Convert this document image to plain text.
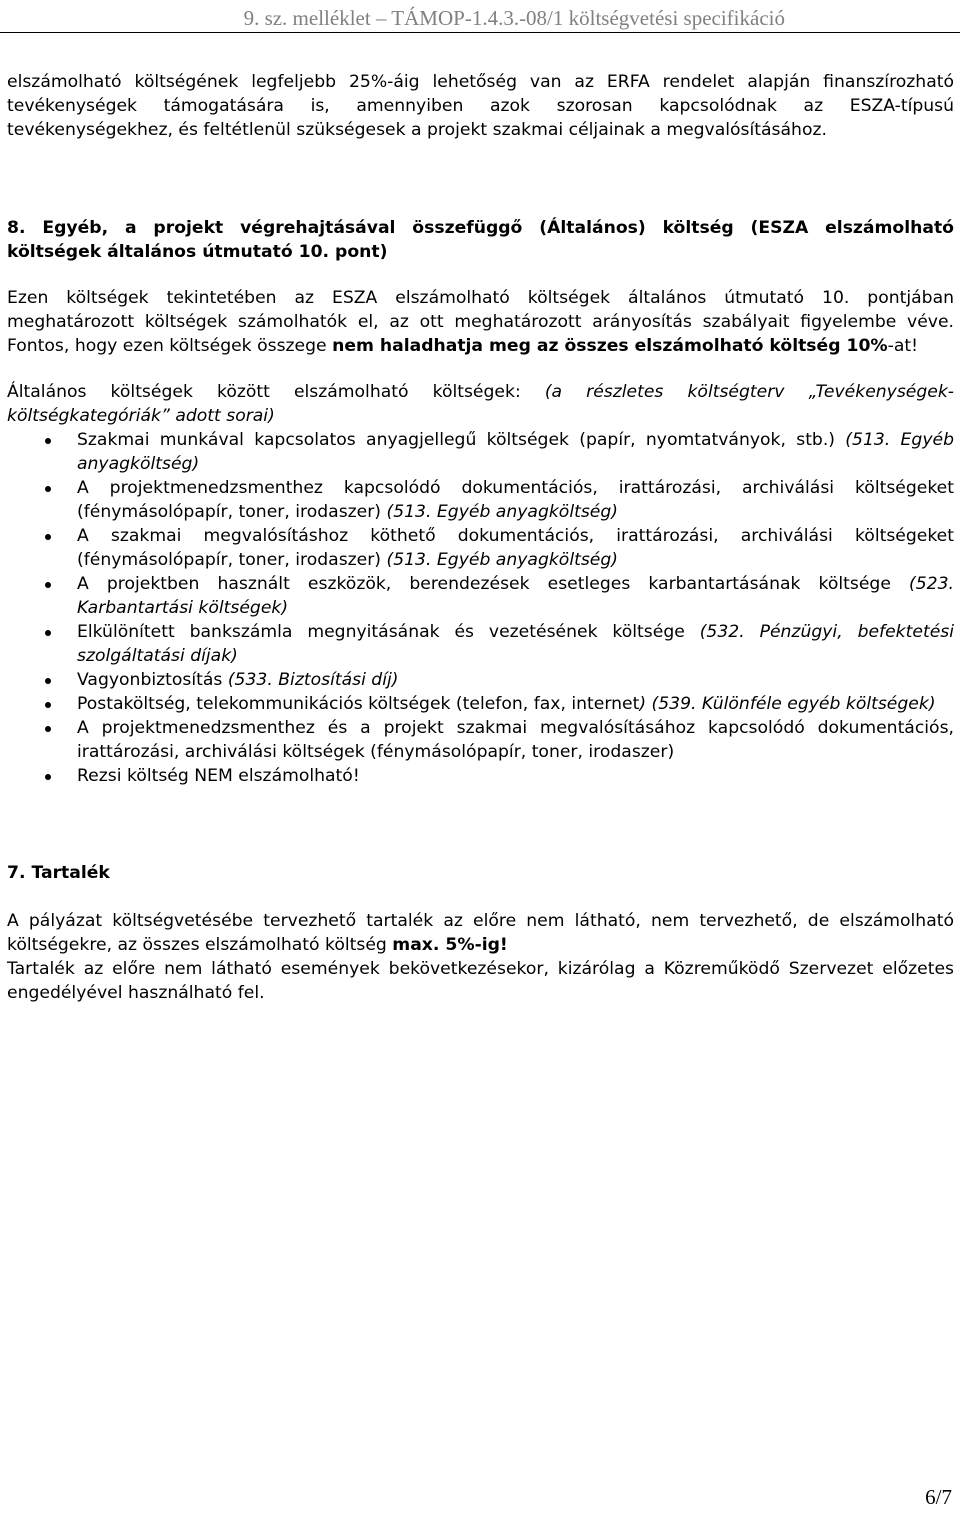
9. sz. melléklet – TÁMOP-1.4.3.-08/1 költségvetési specifikáció

elszámolható költségének legfeljebb 25%-áig lehetőség van az ERFA rendelet alapján finanszírozható tevékenységek támogatására is, amennyiben azok szorosan kapcsolódnak az ESZA-típusú tevékenységekhez, és feltétlenül szükségesek a projekt szakmai céljainak a megvalósításához.

8. Egyéb, a projekt végrehajtásával összefüggő (Általános) költség (ESZA elszámolható költségek általános útmutató 10. pont)

Ezen költségek tekintetében az ESZA elszámolható költségek általános útmutató 10. pontjában meghatározott költségek számolhatók el, az ott meghatározott arányosítás szabályait figyelembe véve. Fontos, hogy ezen költségek összege nem haladhatja meg az összes elszámolható költség 10%-at!

Általános költségek között elszámolható költségek: (a részletes költségterv „Tevékenységek-költségkategóriák” adott sorai)

Szakmai munkával kapcsolatos anyagjellegű költségek (papír, nyomtatványok, stb.) (513. Egyéb anyagköltség)
A projektmenedzsmenthez kapcsolódó dokumentációs, irattározási, archiválási költségeket (fénymásolópapír, toner, irodaszer) (513. Egyéb anyagköltség)
A szakmai megvalósításhoz köthető dokumentációs, irattározási, archiválási költségeket (fénymásolópapír, toner, irodaszer) (513. Egyéb anyagköltség)
A projektben használt eszközök, berendezések esetleges karbantartásának költsége (523. Karbantartási költségek)
Elkülönített bankszámla megnyitásának és vezetésének költsége (532. Pénzügyi, befektetési szolgáltatási díjak)
Vagyonbiztosítás (533. Biztosítási díj)
Postaköltség, telekommunikációs költségek (telefon, fax, internet) (539. Különféle egyéb költségek)
A projektmenedzsmenthez és a projekt szakmai megvalósításához kapcsolódó dokumentációs, irattározási, archiválási költségek (fénymásolópapír, toner, irodaszer)
Rezsi költség NEM elszámolható!

7. Tartalék

A pályázat költségvetésébe tervezhető tartalék az előre nem látható, nem tervezhető, de elszámolható költségekre, az összes elszámolható költség max. 5%-ig!

Tartalék az előre nem látható események bekövetkezésekor, kizárólag a Közreműködő Szervezet előzetes engedélyével használható fel.

6/7
